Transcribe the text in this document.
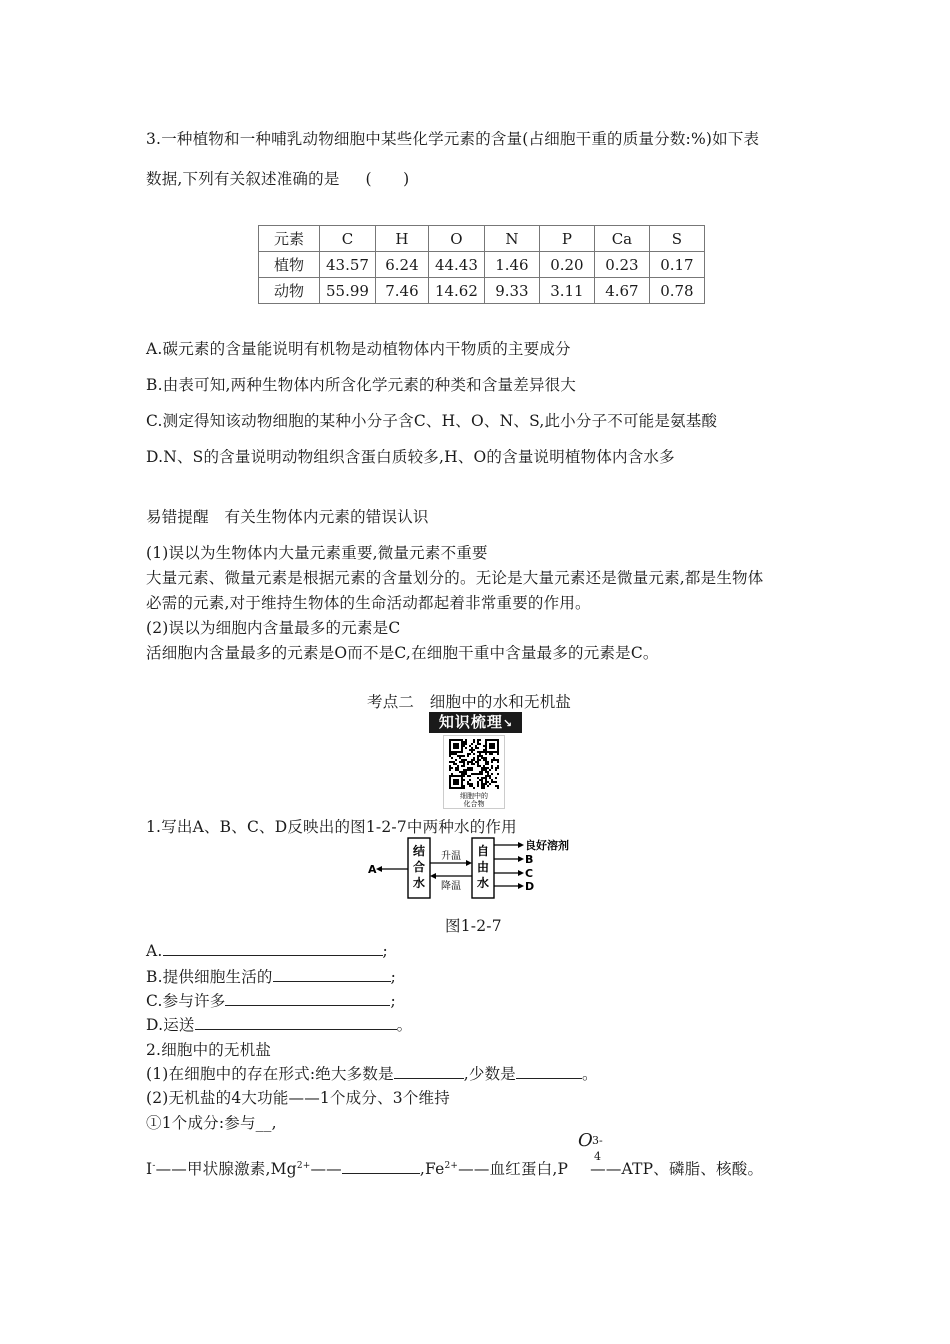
3.一种植物和一种哺乳动物细胞中某些化学元素的含量(占细胞干重的质量分数:%)如下表
数据,下列有关叙述准确的是 (　　)
元素	C	H	O	N	P	Ca	S
植物	43.57	6.24	44.43	1.46	0.20	0.23	0.17
动物	55.99	7.46	14.62	9.33	3.11	4.67	0.78
A.碳元素的含量能说明有机物是动植物体内干物质的主要成分
B.由表可知,两种生物体内所含化学元素的种类和含量差异很大
C.测定得知该动物细胞的某种小分子含C、H、O、N、S,此小分子不可能是氨基酸
D.N、S的含量说明动物组织含蛋白质较多,H、O的含量说明植物体内含水多
易错提醒　有关生物体内元素的错误认识
(1)误以为生物体内大量元素重要,微量元素不重要
大量元素、微量元素是根据元素的含量划分的。无论是大量元素还是微量元素,都是生物体
必需的元素,对于维持生物体的生命活动都起着非常重要的作用。
(2)误以为细胞内含量最多的元素是C
活细胞内含量最多的元素是O而不是C,在细胞干重中含量最多的元素是C。
考点二　细胞中的水和无机盐
知识梳理↘
细胞中的
化合物
1.写出A、B、C、D反映出的图1-2-7中两种水的作用
结
合
水
自
由
水
A
升温
降温
良好溶剂
B
C
D
图1-2-7
A.	;
B.提供细胞生活的	;
C.参与许多	;
D.运送	。
2.细胞中的无机盐
(1)在细胞中的存在形式:绝大多数是	,少数是	。
(2)无机盐的4大功能——1个成分、3个维持
①1个成分:参与__,
I-——甲状腺激素$,Mg^{2+}——$	$,Fe^{2+}——$血红蛋白,P ——ATP、磷脂、核酸。
O 3-
4
